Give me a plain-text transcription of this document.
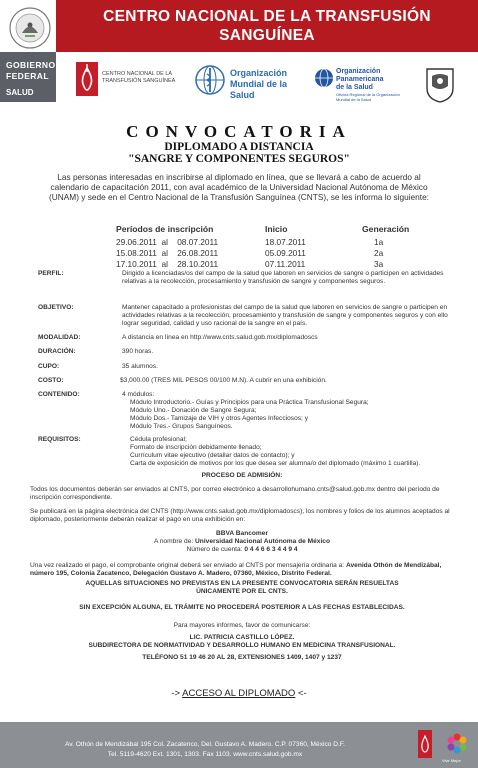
GOBIERNO
FEDERAL
SALUD
CENTRO NACIONAL DE LA TRANSFUSIÓN
SANGUÍNEA
CENTRO NACIONAL DE LA TRANSFUSIÓN SANGUÍNEA
Organización
Mundial de la Salud
Organización
Panamericana
de la Salud
Oficina Regional de la Organización Mundial de la Salud
CONVOCATORIA
DIPLOMADO A DISTANCIA
"SANGRE Y COMPONENTES SEGUROS"
Las personas interesadas en inscribirse al diplomado en línea, que se llevará a cabo de acuerdo al calendario de capacitación 2011, con aval académico de la Universidad Nacional Autónoma de México (UNAM) y sede en el Centro Nacional de la Transfusión Sanguínea (CNTS), se les informa lo siguiente:
Períodos de inscripción	Inicio	Generación
29.06.2011  al    08.07.2011	18.07.2011	1a
15.08.2011  al    26.08.2011	05.09.2011	2a
17.10.2011  al    28.10.2011	07.11.2011	3a
PERFIL:	Dirigido a licenciadas/os del campo de la salud que laboren en servicios de sangre o participen en actividades relativas a la recolección, procesamiento y transfusión de sangre y componentes seguros.
OBJETIVO:	Mantener capacitado a profesionistas del campo de la salud que laboren en servicios de sangre o participen en actividades relativas a la recolección, procesamiento y transfusión de sangre y componentes seguros y con ello lograr seguridad, calidad y uso racional de la sangre en el país.
MODALIDAD:	A distancia en línea en http://www.cnts.salud.gob.mx/diplomadoscs
DURACIÓN:	390 horas.
CUPO:	35 alumnos.
COSTO:	$3,000.00 (TRES MIL PESOS 00/100 M.N). A cubrir en una exhibición.
CONTENIDO:	4 módulos:
Módulo Introductorio.- Guías y Principios para una Práctica Transfusional Segura;
Módulo Uno.- Donación de Sangre Segura;
Módulo Dos.- Tamizaje de VIH y otros Agentes Infecciosos; y
Módulo Tres.- Grupos Sanguíneos.
REQUISITOS:	Cédula profesional;
Formato de inscripción debidamente llenado;
Currículum vitae ejecutivo (detallar datos de contacto); y
Carta de exposición de motivos por los que desea ser alumna/o del diplomado (máximo 1 cuartilla).
PROCESO DE ADMISIÓN:
Todos los documentos deberán ser enviados al CNTS, por correo electrónico a desarrollohumano.cnts@salud.gob.mx dentro del período de inscripción correspondiente.
Se publicará en la página electrónica del CNTS (http://www.cnts.salud.gob.mx/diplomadoscs), los nombres y folios de los alumnos aceptados al diplomado, posteriormente deberán realizar el pago en una exhibición en:
BBVA Bancomer
A nombre de: Universidad Nacional Autónoma de México
Número de cuenta: 0 4 4 6 6 3 4 4 9 4
Una vez realizado el pago, el comprobante original deberá ser enviado al CNTS por mensajería ordinaria a: Avenida Othón de Mendizábal, número 195, Colonia Zacatenco, Delegación Gustavo A. Madero, 07360, México, Distrito Federal.
AQUELLAS SITUACIONES NO PREVISTAS EN LA PRESENTE CONVOCATORIA SERÁN RESUELTAS
ÚNICAMENTE POR EL CNTS.
SIN EXCEPCIÓN ALGUNA, EL TRÁMITE NO PROCEDERÁ POSTERIOR A LAS FECHAS ESTABLECIDAS.
Para mayores informes, favor de comunicarse:
LIC. PATRICIA CASTILLO LÓPEZ.
SUBDIRECTORA DE NORMATIVIDAD Y DESARROLLO HUMANO EN MEDICINA TRANSFUSIONAL.
TELÉFONO 51 19 46 20 AL 28, EXTENSIONES 1409, 1407 y 1237
-> ACCESO AL DIPLOMADO <-
Av. Othón de Mendizábal 195 Col. Zacatenco, Del. Gustavo A. Madero. C.P. 07360, México D.F.
Tel. 5119-4620 Ext. 1301, 1303. Fax 1103. www.cnts.salud.gob.mx
Vivir Mejor
